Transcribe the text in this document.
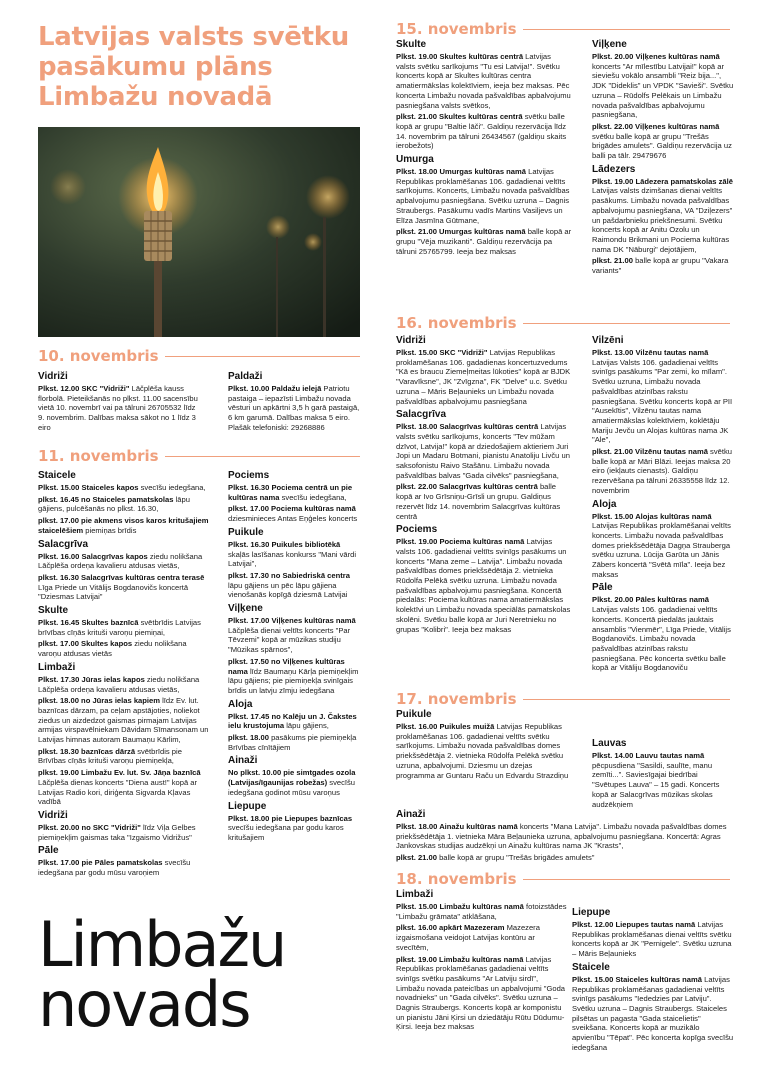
Latvijas valsts svētku
pasākumu plāns
Limbažu novadā
10. novembris
Vidriži

Plkst. 12.00 SKC "Vidriži" Lāčplēša kauss florbolā. Pieteikšanās no plkst. 11.00 sacensību vietā 10. novembrī vai pa tālruni 26705532 līdz 9. novembrim. Dalības maksa sākot no 1 līdz 3 eiro

Paldaži

Plkst. 10.00 Paldažu ielejā Patriotu pastaiga – iepazīsti Limbažu novada vēsturi un apkārtni 3,5 h garā pastaigā, 6 km garumā. Dalības maksa 5 eiro. Plašāk telefoniski: 29268886

11. novembris
Staicele

Plkst. 15.00 Staiceles kapos svecīšu iedegšana,

plkst. 16.45 no Staiceles pamatskolas lāpu gājiens, pulcēšanās no plkst. 16.30,

plkst. 17.00 pie akmens visos karos kritušajiem staicelēšiem piemiņas brīdis

Salacgrīva

Plkst. 16.00 Salacgrīvas kapos ziedu nolikšana Lāčplēša ordeņa kavalieru atdusas vietās,

plkst. 16.30 Salacgrīvas kultūras centra terasē Līga Priede un Vitālijs Bogdanovičs koncertā "Dziesmas Latvijai"

Skulte

Plkst. 16.45 Skultes baznīcā svētbrīdis Latvijas brīvības cīņās krituši varoņu piemiņai,

plkst. 17.00 Skultes kapos ziedu nolikšana varoņu atdusas vietās

Limbaži

Plkst. 17.30 Jūras ielas kapos ziedu nolikšana Lāčplēša ordeņa kavalieru atdusas vietās,

plkst. 18.00 no Jūras ielas kapiem līdz Ev. lut. baznīcas dārzam, pa ceļam apstājoties, noliekot ziedus un aizdedzot gaismas pirmajam Latvijas armijas virspavēlniekam Dāvidam Sīmansonam un Latvijas himnas autoram Baumaņu Kārlim,

plkst. 18.30 baznīcas dārzā svētbrīdis pie Brīvības cīņās krituši varoņu piemiņekļa,

plkst. 19.00 Limbažu Ev. lut. Sv. Jāņa baznīcā Lāčplēša dienas koncerts "Diena aust!" kopā ar Latvijas Radio kori, diriģenta Sigvarda Kļavas vadībā

Vidriži

Plkst. 20.00 no SKC "Vidriži" līdz Viļa Gelbes piemiņekļim gaismas taka "Izgaismo Vidrižus"

Pāle

Plkst. 17.00 pie Pāles pamatskolas svecīšu iedegšana par godu mūsu varoņiem

Pociems

Plkst. 16.30 Pociema centrā un pie kultūras nama svecīšu iedegšana,

plkst. 17.00 Pociema kultūras namā dziesminieces Antas Eņģeles koncerts

Puikule

Plkst. 16.30 Puikules bibliotēkā skaļās lasīšanas konkurss "Mani vārdi Latvijai",

plkst. 17.30 no Sabiedriskā centra lāpu gājiens un pēc lāpu gājiena vienošanās kopīgā dziesmā Latvijai

Viļķene

Plkst. 17.00 Viļķenes kultūras namā Lāčplēša dienai veltīts koncerts "Par Tēvzemi" kopā ar mūzikas studiju "Mūzikas spārnos",

plkst. 17.50 no Viļķenes kultūras nama līdz Baumaņu Kārļa piemiņekļim lāpu gājiens; pie piemiņekļa svinīgais brīdis un latvju zīmju iedegšana

Aloja

Plkst. 17.45 no Kalēju un J. Čakstes ielu krustojuma lāpu gājiens,

plkst. 18.00 pasākums pie piemiņekļa Brīvības cīnītājiem

Ainaži

No plkst. 10.00 pie simtgades ozola (Latvijas/Igaunijas robežas) svecīšu iedegšana godinot mūsu varoņus

Liepupe

Plkst. 18.00 pie Liepupes baznīcas svecīšu iedegšana par godu karos kritušajiem

Limbažu
novads
15. novembris
Skulte

Plkst. 19.00 Skultes kultūras centrā Latvijas valsts svētku sarīkojums "Tu esi Latvija!". Svētku koncerts kopā ar Skultes kultūras centra amatiermākslas kolektīviem, ieeja bez maksas. Pēc koncerta Limbažu novada pašvaldības apbalvojumu pasniegšana valsts svētkos,

plkst. 21.00 Skultes kultūras centrā svētku balle kopā ar grupu "Baltie lāči". Galdiņu rezervācija līdz 14. novembrim pa tālruni 26434567 (galdiņu skaits ierobežots)

Umurga

Plkst. 18.00 Umurgas kultūras namā Latvijas Republikas proklamēšanas 106. gadadienai veltīts sarīkojums. Koncerts, Limbažu novada pašvaldības apbalvojumu pasniegšana. Svētku uzruna – Dagnis Straubergs. Pasākumu vadīs Martins Vasiljevs un Elīza Jasmīna Gūtmane,

plkst. 21.00 Umurgas kultūras namā balle kopā ar grupu "Vēja muzikanti". Galdiņu rezervācija pa tālruni 25765799. Ieeja bez maksas

Viļķene

Plkst. 20.00 Viļķenes kultūras namā koncerts "Ar mīlestību Latvijai!" kopā ar sieviešu vokālo ansambli "Reiz bija...", JDK "Dideklis" un VPDK "Savieši". Svētku uzruna – Rūdolfs Pelēkais un Limbažu novada pašvaldības apbalvojumu pasniegšana,

plkst. 22.00 Viļķenes kultūras namā svētku balle kopā ar grupu "Trešās brigādes amulets". Galdiņu rezervācija uz balli pa tālr. 29479676

Lādezers

Plkst. 19.00 Lādezera pamatskolas zālē Latvijas valsts dzimšanas dienai veltīts pasākums. Limbažu novada pašvaldības apbalvojumu pasniegšana, VA "Dziļezers" un pašdarbnieku priekšnesumi. Svētku koncerts kopā ar Anitu Ozolu un Raimondu Brikmani un Pociema kultūras nama DK "Nāburgi" dejotājiem,

plkst. 21.00 balle kopā ar grupu "Vakara variants"

16. novembris
Vidriži

Plkst. 15.00 SKC "Vidriži" Latvijas Republikas proklamēšanas 106. gadadienas koncertuzvedums "Kā es braucu Ziemeļmeitas lūkoties" kopā ar BJDK "Varavīksne", JK "Zvīgzna", FK "Delve" u.c. Svētku uzruna – Māris Beļaunieks un Limbažu novada pašvaldības apbalvojumu pasniegšana

Salacgrīva

Plkst. 18.00 Salacgrīvas kultūras centrā Latvijas valsts svētku sarīkojums, koncerts "Tev mūžam dzīvot, Latvija!" kopā ar dziedošajiem aktieriem Juri Jopi un Madaru Botmani, pianistu Anatoliju Livču un saksofonistu Raivo Stašānu. Limbažu novada pašvaldības balvas "Gada cilvēks" pasniegšana,

plkst. 22.00 Salacgrīvas kultūras centrā balle kopā ar Ivo Grīsniņu-Grīsli un grupu. Galdiņus rezervēt līdz 14. novembrim Salacgrīvas kultūras centrā

Pociems

Plkst. 19.00 Pociema kultūras namā Latvijas valsts 106. gadadienai veltīts svinīgs pasākums un koncerts "Mana zeme – Latvija". Limbažu novada pašvaldības domes priekšsēdētāja 2. vietnieka Rūdolfa Pelēkā svētku uzruna. Limbažu novada pašvaldības apbalvojumu pasniegšana. Koncertā piedalās: Pociema kultūras nama amatiermākslas kolektīvi un Limbažu novada speciālās pamatskolas skolēni. Svētku balle kopā ar Juri Neretnieku no grupas "Kolibri". Ieeja bez maksas

Vilzēni

Plkst. 13.00 Vilzēnu tautas namā Latvijas Valsts 106. gadadienai veltīts svinīgs pasākums "Par zemi, ko mīlam". Svētku uzruna, Limbažu novada pašvaldības atzinības rakstu pasniegšana. Svētku koncerts kopā ar PII "Ausekītis", Vilzēnu tautas nama amatiermākslas kolektīviem, koklētāju Mariju Jevču un Alojas kultūras nama JK "Ale",

plkst. 21.00 Vilzēnu tautas namā svētku balle kopā ar Māri Blāzi. Ieejas maksa 20 eiro (iekļauts cienasts). Galdiņu rezervēšana pa tālruni 26335558 līdz 12. novembrim

Aloja

Plkst. 15.00 Alojas kultūras namā Latvijas Republikas proklamēšanai veltīts koncerts. Limbažu novada pašvaldības domes priekšsēdētāja Dagņa Strauberga svētku uzruna. Lūcija Garūta un Jānis Zābers koncertā "Svētā mīla". Ieeja bez maksas

Pāle

Plkst. 20.00 Pāles kultūras namā Latvijas valsts 106. gadadienai veltīts koncerts. Koncertā piedalās jauktais ansamblis "Vienmēr", Līga Priede, Vitālijs Bogdanovičs. Limbažu novada pašvaldības atzinības rakstu pasniegšana. Pēc koncerta svētku balle kopā ar Vitāliju Bogdanoviču

17. novembris
Puikule

Plkst. 16.00 Puikules muižā Latvijas Republikas proklamēšanas 106. gadadienai veltīts svētku sarīkojums. Limbažu novada pašvaldības domes priekšsēdētāja 2. vietnieka Rūdolfa Pelēkā svētku uzruna, apbalvojumi. Dziesmu un dzejas programma ar Guntaru Raču un Edvardu Strazdiņu

Lauvas

Plkst. 14.00 Lauvu tautas namā pēcpusdiena "Sasildi, saulīte, manu zemīti...". Saviesīgajai biedrībai "Svētupes Lauva" – 15 gadi. Koncerts kopā ar Salacgrīvas mūzikas skolas audzēkņiem

Ainaži

Plkst. 18.00 Ainažu kultūras namā koncerts "Mana Latvija". Limbažu novada pašvaldības domes priekšsēdētāja 1. vietnieka Māra Beļaunieka uzruna, apbalvojumu pasniegšana. Koncertā: Agras Jankovskas studijas audzēkņi un Ainažu kultūras nama JK "Krasts",

plkst. 21.00 balle kopā ar grupu "Trešās brigādes amulets"

18. novembris
Limbaži

Plkst. 15.00 Limbažu kultūras namā fotoizstādes "Limbažu grāmata" atklāšana,

plkst. 16.00 apkārt Mazezeram Mazezera izgaismošana veidojot Latvijas kontūru ar svecītēm,

plkst. 19.00 Limbažu kultūras namā Latvijas Republikas proklamēšanas gadadienai veltīts svinīgs svētku pasākums "Ar Latviju sirdī", Limbažu novada pateicības un apbalvojumi "Goda novadnieks" un "Gada cilvēks". Svētku uzruna – Dagnis Straubergs. Koncerts kopā ar komponistu un pianistu Jāni Ķirsi un dziedātāju Rūtu Dūdumu-Ķirsi. Ieeja bez maksas

Liepupe

Plkst. 12.00 Liepupes tautas namā Latvijas Republikas proklamēšanas dienai veltīts svētku koncerts kopā ar JK "Pernigele". Svētku uzruna – Māris Beļaunieks

Staicele

Plkst. 15.00 Staiceles kultūras namā Latvijas Republikas proklamēšanas gadadienai veltīts svinīgs pasākums "Iededzies par Latviju". Svētku uzruna – Dagnis Straubergs. Staiceles pilsētas un pagasta "Gada staicelietis" sveikšana. Koncerts kopā ar muzikālo apvienību "Tēpat". Pēc koncerta kopīga svecīšu iedegšana
